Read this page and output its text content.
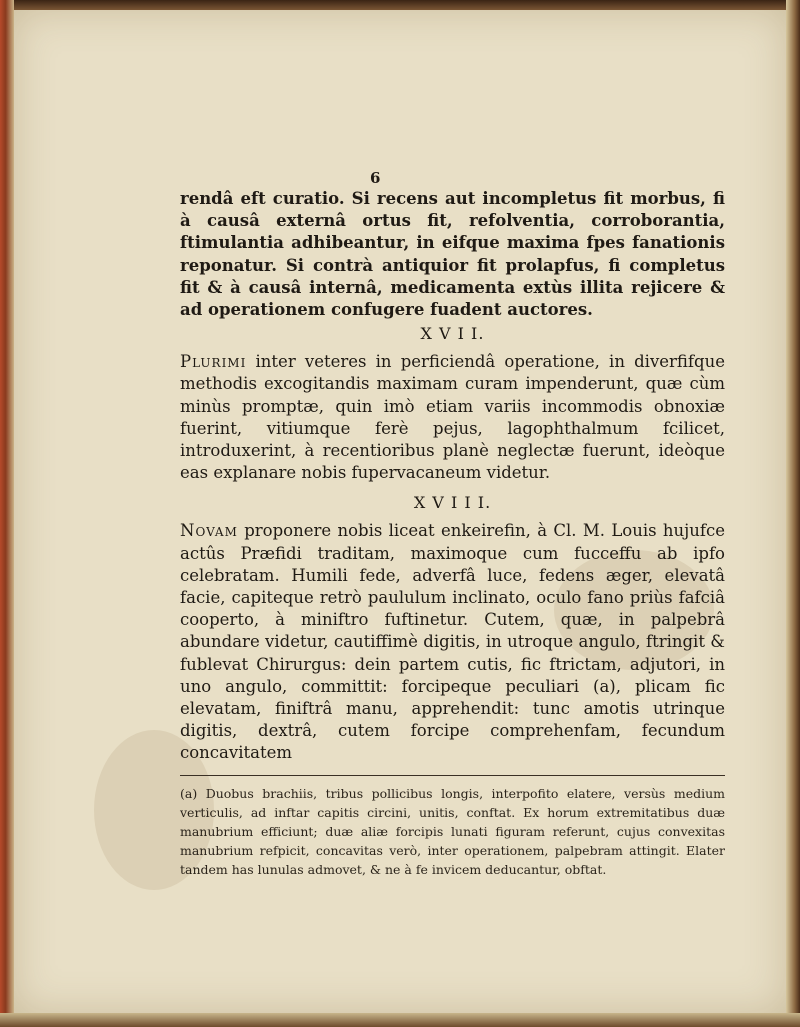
6

rendâ eft curatio. Si recens aut incompletus fit morbus, fi à causâ externâ ortus fit, refolventia, corroborantia, ftimulantia adhibeantur, in eifque maxima fpes fanationis reponatur. Si contrà antiquior fit prolapfus, fi completus fit & à causâ internâ, medicamenta extùs illita rejicere & ad operationem confugere fuadent auctores.

X V I I.

Plurimi inter veteres in perficiendâ operatione, in diverfifque methodis excogitandis maximam curam impenderunt, quæ cùm minùs promptæ, quin imò etiam variis incommodis obnoxiæ fuerint, vitiumque ferè pejus, lagophthalmum fcilicet, introduxerint, à recentioribus planè neglectæ fuerunt, ideòque eas explanare nobis fupervacaneum videtur.

X V I I I.

Novam proponere nobis liceat enkeirefin, à Cl. M. Louis hujufce actûs Præfidi traditam, maximoque cum fucceffu ab ipfo celebratam. Humili fede, adverfâ luce, fedens æger, elevatâ facie, capiteque retrò paululum inclinato, oculo fano priùs fafciâ cooperto, à miniftro fuftinetur. Cutem, quæ, in palpebrâ abundare videtur, cautiffimè digitis, in utroque angulo, ftringit & fublevat Chirurgus: dein partem cutis, fic ftrictam, adjutori, in uno angulo, committit: forcipeque peculiari (a), plicam fic elevatam, finiftrâ manu, apprehendit: tunc amotis utrinque digitis, dextrâ, cutem forcipe comprehenfam, fecundum concavitatem

(a) Duobus brachiis, tribus pollicibus longis, interpofito elatere, versùs medium verticulis, ad inftar capitis circini, unitis, conftat. Ex horum extremitatibus duæ manubrium efficiunt; duæ aliæ forcipis lunati figuram referunt, cujus convexitas manubrium refpicit, concavitas verò, inter operationem, palpebram attingit. Elater tandem has lunulas admovet, & ne à fe invicem deducantur, obftat.
